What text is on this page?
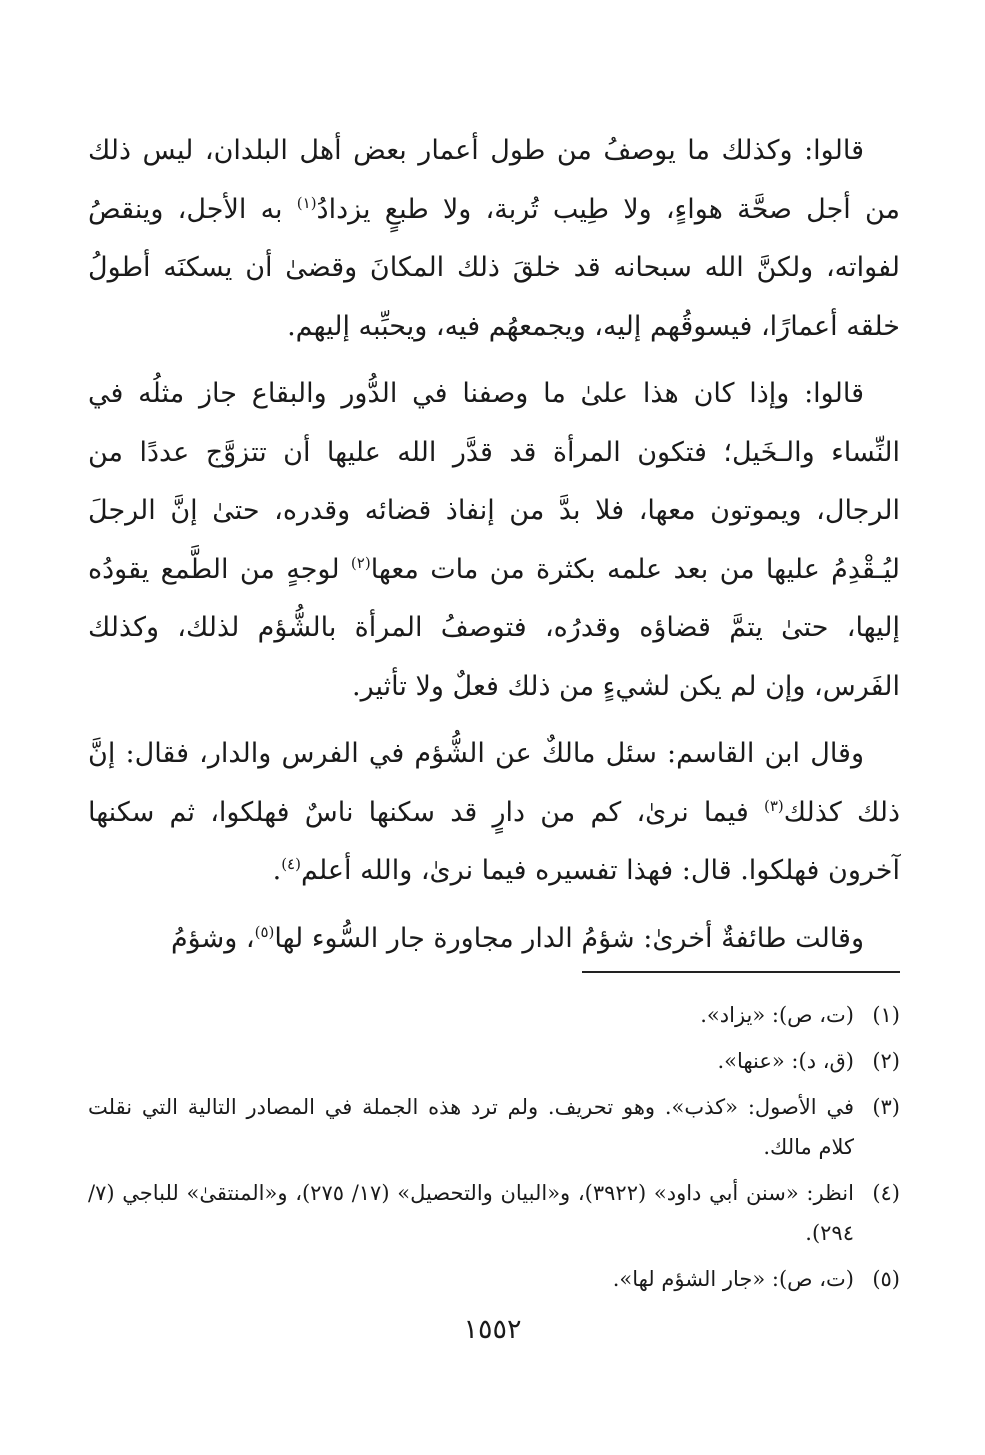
قالوا: وكذلك ما يوصفُ من طول أعمار بعض أهل البلدان، ليس ذلك من أجل صحَّة هواءٍ، ولا طِيب تُربة، ولا طبعٍ يزدادُ$^{(١)}$ به الأجل، وينقصُ لفواته، ولكنَّ الله سبحانه قد خلقَ ذلك المكانَ وقضىٰ أن يسكنَه أطولُ خلقه أعمارًا، فيسوقُهم إليه، ويجمعهُم فيه، ويحبِّبه إليهم.

قالوا: وإذا كان هذا علىٰ ما وصفنا في الدُّور والبقاع جاز مثلُه في النِّساء والـخَيل؛ فتكون المرأة قد قدَّر الله عليها أن تتزوَّج عددًا من الرجال، ويموتون معها، فلا بدَّ من إنفاذ قضائه وقدره، حتىٰ إنَّ الرجلَ ليُـقْدِمُ عليها من بعد علمه بكثرة من مات معها$^{(٢)}$ لوجهٍ من الطَّمع يقودُه إليها، حتىٰ يتمَّ قضاؤه وقدرُه، فتوصفُ المرأة بالشُّؤم لذلك، وكذلك الفَرس، وإن لم يكن لشيءٍ من ذلك فعلٌ ولا تأثير.

وقال ابن القاسم: سئل مالكٌ عن الشُّؤم في الفرس والدار، فقال: إنَّ ذلك كذلك$^{(٣)}$ فيما نرىٰ، كم من دارٍ قد سكنها ناسٌ فهلكوا، ثم سكنها آخرون فهلكوا. قال: فهذا تفسيره فيما نرىٰ، والله أعلم$^{(٤)}$.

وقالت طائفةٌ أخرىٰ: شؤمُ الدار مجاورة جار السُّوء لها$^{(٥)}$، وشؤمُ

(١)
(ت، ص): «يزاد».
(٢)
(ق، د): «عنها».
(٣)
في الأصول: «كذب». وهو تحريف. ولم ترد هذه الجملة في المصادر التالية التي نقلت كلام مالك.
(٤)
انظر: «سنن أبي داود» (٣٩٢٢)، و«البيان والتحصيل» (١٧/ ٢٧٥)، و«المنتقىٰ» للباجي (٧/ ٢٩٤).
(٥)
(ت، ص): «جار الشؤم لها».
١٥٥٢
